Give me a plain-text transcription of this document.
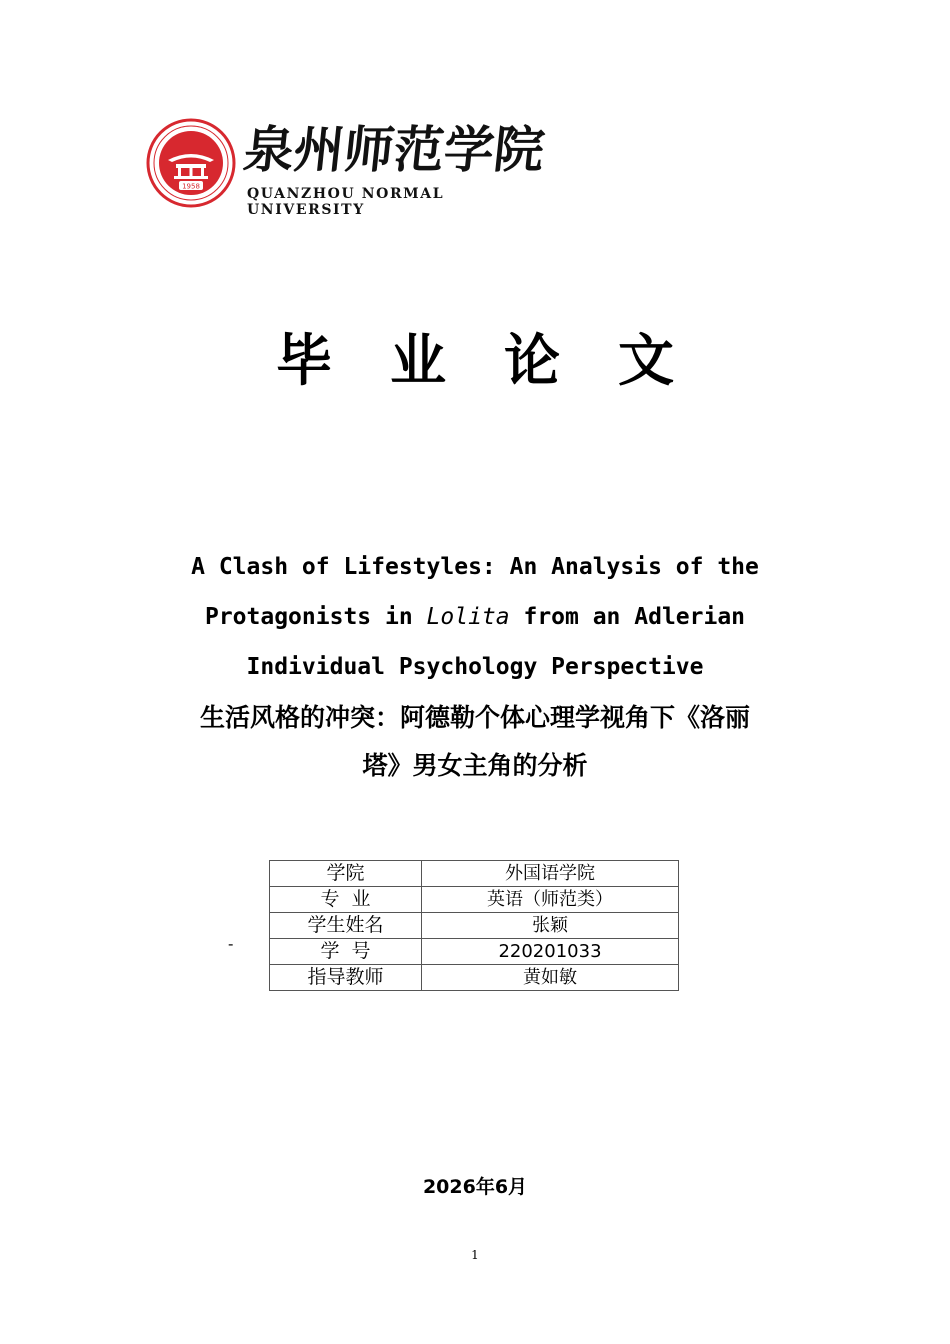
1958
泉州师范学院
QUANZHOU NORMAL UNIVERSITY
毕业论文
A Clash of Lifestyles: An Analysis of the
Protagonists in Lolita from an Adlerian
Individual Psychology Perspective
生活风格的冲突：阿德勒个体心理学视角下《洛丽
塔》男女主角的分析
-
学院	外国语学院
专  业	英语（师范类）
学生姓名	张颖
学  号	220201033
指导教师	黄如敏
2026年6月
1
